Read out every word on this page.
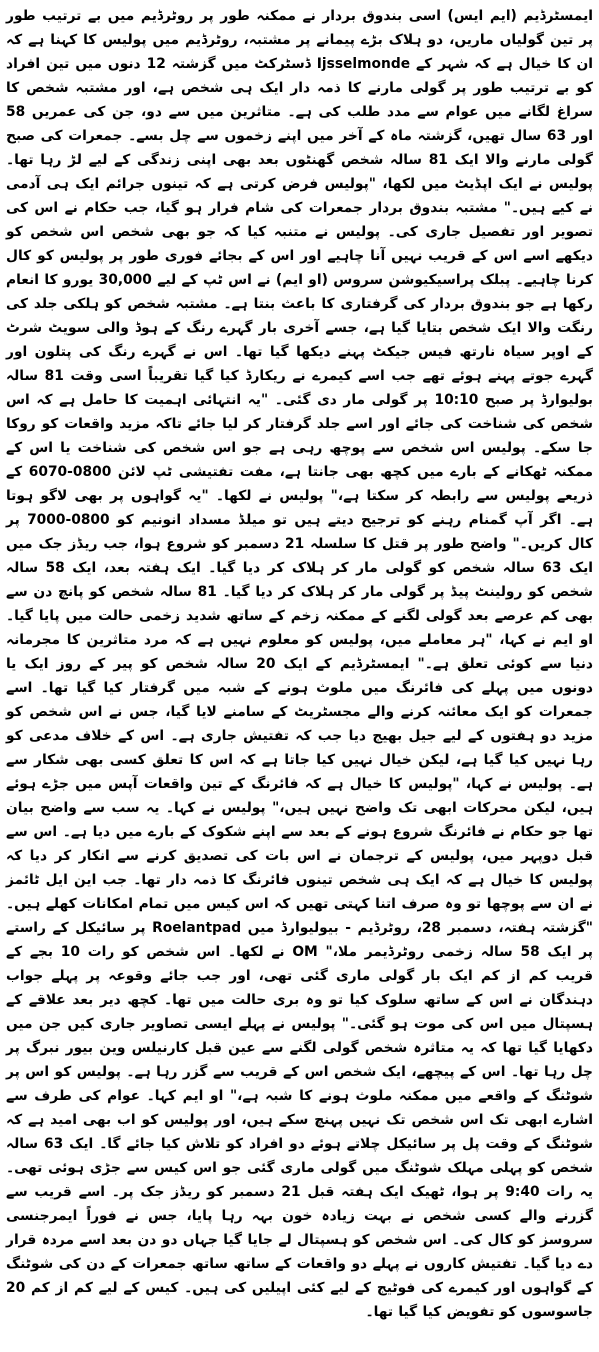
ایمسٹرڈیم (ایم ایس) اسی بندوق بردار نے ممکنہ طور پر روٹرڈیم میں بے ترتیب طور پر تین گولیاں ماریں، دو ہلاک بڑے پیمانے پر مشتبہ، روٹرڈیم میں پولیس کا کہنا ہے کہ ان کا خیال ہے کہ شہر کے Ijsselmonde ڈسٹرکٹ میں گزشتہ 12 دنوں میں تین افراد کو بے ترتیب طور پر گولی مارنے کا ذمہ دار ایک ہی شخص ہے، اور مشتبہ شخص کا سراغ لگانے میں عوام سے مدد طلب کی ہے۔ متاثرین میں سے دو، جن کی عمریں 58 اور 63 سال تھیں، گزشتہ ماہ کے آخر میں اپنے زخموں سے چل بسے۔ جمعرات کی صبح گولی مارنے والا ایک 81 سالہ شخص گھنٹوں بعد بھی اپنی زندگی کے لیے لڑ رہا تھا۔ پولیس نے ایک اپڈیٹ میں لکھا، "پولیس فرض کرتی ہے کہ تینوں جرائم ایک ہی آدمی نے کیے ہیں۔" مشتبہ بندوق بردار جمعرات کی شام فرار ہو گیا، جب حکام نے اس کی تصویر اور تفصیل جاری کی۔ پولیس نے متنبہ کیا کہ جو بھی شخص اس شخص کو دیکھے اسے اس کے قریب نہیں آنا چاہیے اور اس کے بجائے فوری طور پر پولیس کو کال کرنا چاہیے۔ پبلک پراسیکیوشن سروس (او ایم) نے اس ٹپ کے لیے 30,000 یورو کا انعام رکھا ہے جو بندوق بردار کی گرفتاری کا باعث بنتا ہے۔ مشتبہ شخص کو ہلکی جلد کی رنگت والا ایک شخص بتایا گیا ہے، جسے آخری بار گہرے رنگ کے ہوڈ والی سویٹ شرٹ کے اوپر سیاہ نارتھ فیس جیکٹ پہنے دیکھا گیا تھا۔ اس نے گہرے رنگ کی پتلون اور گہرے جوتے پہنے ہوئے تھے جب اسے کیمرے نے ریکارڈ کیا گیا تقریباً اسی وقت 81 سالہ بولیوارڈ پر صبح 10:10 پر گولی مار دی گئی۔ "یہ انتہائی اہمیت کا حامل ہے کہ اس شخص کی شناخت کی جائے اور اسے جلد گرفتار کر لیا جائے تاکہ مزید واقعات کو روکا جا سکے۔ پولیس اس شخص سے پوچھ رہی ہے جو اس شخص کی شناخت یا اس کے ممکنہ ٹھکانے کے بارے میں کچھ بھی جانتا ہے، مفت تفتیشی ٹپ لائن 0800-6070 کے ذریعے پولیس سے رابطہ کر سکتا ہے،" پولیس نے لکھا۔ "یہ گواہوں پر بھی لاگو ہوتا ہے۔ اگر آپ گمنام رہنے کو ترجیح دیتے ہیں تو میلڈ مسداد انونیم کو 0800-7000 پر کال کریں۔" واضح طور پر قتل کا سلسلہ 21 دسمبر کو شروع ہوا، جب ریڈز جک میں ایک 63 سالہ شخص کو گولی مار کر ہلاک کر دیا گیا۔ ایک ہفتہ بعد، ایک 58 سالہ شخص کو رولینٹ پیڈ پر گولی مار کر ہلاک کر دیا گیا۔ 81 سالہ شخص کو پانچ دن سے بھی کم عرصے بعد گولی لگنے کے ممکنہ زخم کے ساتھ شدید زخمی حالت میں پایا گیا۔ او ایم نے کہا، "ہر معاملے میں، پولیس کو معلوم نہیں ہے کہ مرد متاثرین کا مجرمانہ دنیا سے کوئی تعلق ہے۔" ایمسٹرڈیم کے ایک 20 سالہ شخص کو پیر کے روز ایک یا دونوں میں پہلے کی فائرنگ میں ملوث ہونے کے شبہ میں گرفتار کیا گیا تھا۔ اسے جمعرات کو ایک معائنہ کرنے والے مجسٹریٹ کے سامنے لایا گیا، جس نے اس شخص کو مزید دو ہفتوں کے لیے جیل بھیج دیا جب کہ تفتیش جاری ہے۔ اس کے خلاف مدعی کو رہا نہیں کیا گیا ہے، لیکن خیال نہیں کیا جاتا ہے کہ اس کا تعلق کسی بھی شکار سے ہے۔ پولیس نے کہا، "پولیس کا خیال ہے کہ فائرنگ کے تین واقعات آپس میں جڑے ہوئے ہیں، لیکن محرکات ابھی تک واضح نہیں ہیں،" پولیس نے کہا۔ یہ سب سے واضح بیان تھا جو حکام نے فائرنگ شروع ہونے کے بعد سے اپنے شکوک کے بارے میں دیا ہے۔ اس سے قبل دوپہر میں، پولیس کے ترجمان نے اس بات کی تصدیق کرنے سے انکار کر دیا کہ پولیس کا خیال ہے کہ ایک ہی شخص تینوں فائرنگ کا ذمہ دار تھا۔ جب این ایل ٹائمز نے ان سے پوچھا تو وہ صرف اتنا کہتی تھیں کہ اس کیس میں تمام امکانات کھلے ہیں۔ "گزشتہ ہفتہ، دسمبر 28، روٹرڈیم - بیولیوارڈ میں Roelantpad پر سائیکل کے راستے پر ایک 58 سالہ زخمی روٹرڈیمر ملا،" OM نے لکھا۔ اس شخص کو رات 10 بجے کے قریب کم از کم ایک بار گولی ماری گئی تھی، اور جب جائے وقوعہ پر پہلے جواب دہندگان نے اس کے ساتھ سلوک کیا تو وہ بری حالت میں تھا۔ کچھ دیر بعد علاقے کے ہسپتال میں اس کی موت ہو گئی۔" پولیس نے پہلے ایسی تصاویر جاری کیں جن میں دکھایا گیا تھا کہ یہ متاثرہ شخص گولی لگنے سے عین قبل کارنیلس وین بیور نبرگ پر چل رہا تھا۔ اس کے پیچھے، ایک شخص اس کے قریب سے گزر رہا ہے۔ پولیس کو اس پر شوٹنگ کے واقعے میں ممکنہ ملوث ہونے کا شبہ ہے،" او ایم کہا۔ عوام کی طرف سے اشارے ابھی تک اس شخص تک نہیں پہنچ سکے ہیں، اور پولیس کو اب بھی امید ہے کہ شوٹنگ کے وقت پل پر سائیکل چلاتے ہوئے دو افراد کو تلاش کیا جائے گا۔ ایک 63 سالہ شخص کو پہلی مہلک شوٹنگ میں گولی ماری گئی جو اس کیس سے جڑی ہوئی تھی۔ یہ رات 9:40 پر ہوا، ٹھیک ایک ہفتہ قبل 21 دسمبر کو ریڈز جک پر۔ اسے قریب سے گزرنے والے کسی شخص نے بہت زیادہ خون بہہ رہا پایا، جس نے فوراً ایمرجنسی سروسز کو کال کی۔ اس شخص کو ہسپتال لے جایا گیا جہاں دو دن بعد اسے مردہ قرار دے دیا گیا۔ تفتیش کاروں نے پہلے دو واقعات کے ساتھ ساتھ جمعرات کے دن کی شوٹنگ کے گواہوں اور کیمرے کی فوٹیج کے لیے کئی اپیلیں کی ہیں۔ کیس کے لیے کم از کم 20 جاسوسوں کو تفویض کیا گیا تھا۔
